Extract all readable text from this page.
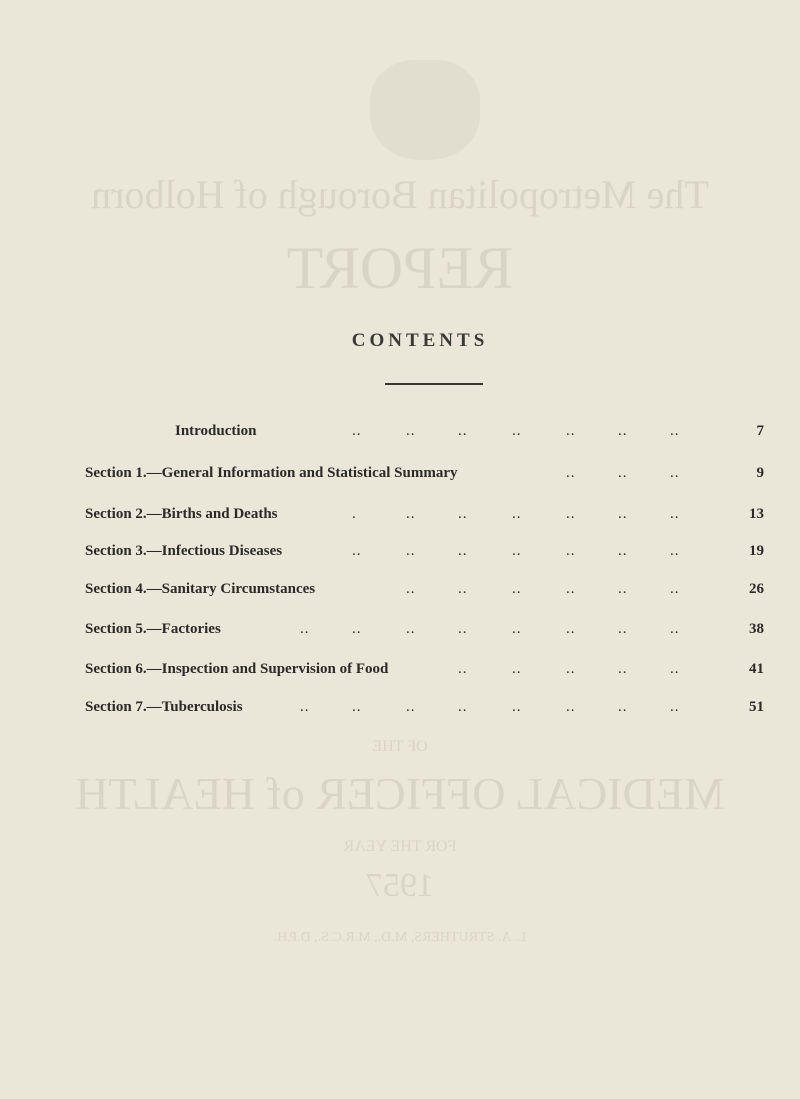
The Metropolitan Borough of Holborn
REPORT
OF THE
MEDICAL OFFICER of HEALTH
FOR THE YEAR
1957
L. A. STRUTHERS, M.D., M.R.C.S., D.P.H.
CONTENTS
Introduction	..	..	..	..	..	..	..	7
Section 1.—General Information and Statistical Summary	..	..	..	9
Section 2.—Births and Deaths	.	..	..	..	..	..	..	13
Section 3.—Infectious Diseases	..	..	..	..	..	..	..	19
Section 4.—Sanitary Circumstances	..	..	..	..	..	..	26
Section 5.—Factories	..	..	..	..	..	..	..	..	38
Section 6.—Inspection and Supervision of Food	..	..	..	..	..	41
Section 7.—Tuberculosis	..	..	..	..	..	..	..	..	51
